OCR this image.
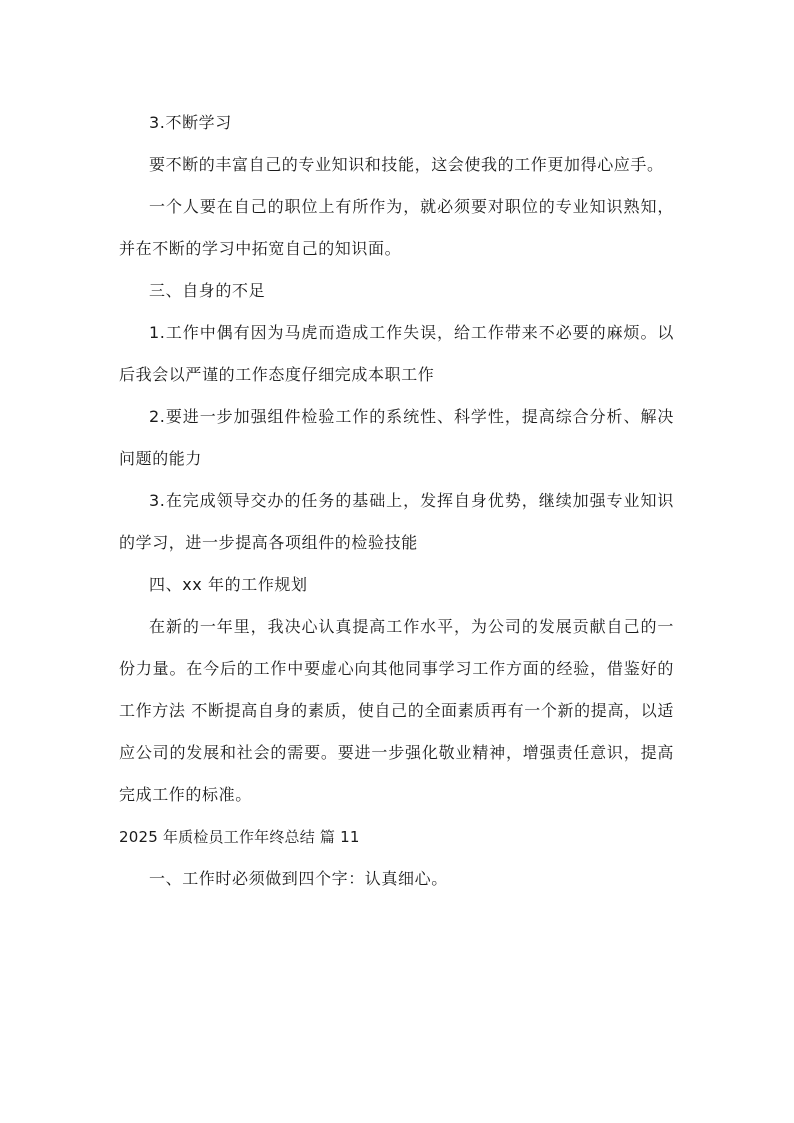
3.不断学习

要不断的丰富自己的专业知识和技能，这会使我的工作更加得心应手。

一个人要在自己的职位上有所作为，就必须要对职位的专业知识熟知，并在不断的学习中拓宽自己的知识面。

三、自身的不足

1.工作中偶有因为马虎而造成工作失误，给工作带来不必要的麻烦。以后我会以严谨的工作态度仔细完成本职工作

2.要进一步加强组件检验工作的系统性、科学性，提高综合分析、解决问题的能力

3.在完成领导交办的任务的基础上，发挥自身优势，继续加强专业知识的学习，进一步提高各项组件的检验技能

四、xx 年的工作规划

在新的一年里，我决心认真提高工作水平，为公司的发展贡献自己的一份力量。在今后的工作中要虚心向其他同事学习工作方面的经验，借鉴好的工作方法 不断提高自身的素质，使自己的全面素质再有一个新的提高，以适应公司的发展和社会的需要。要进一步强化敬业精神，增强责任意识，提高完成工作的标准。

2025 年质检员工作年终总结 篇 11

一、工作时必须做到四个字：认真细心。
